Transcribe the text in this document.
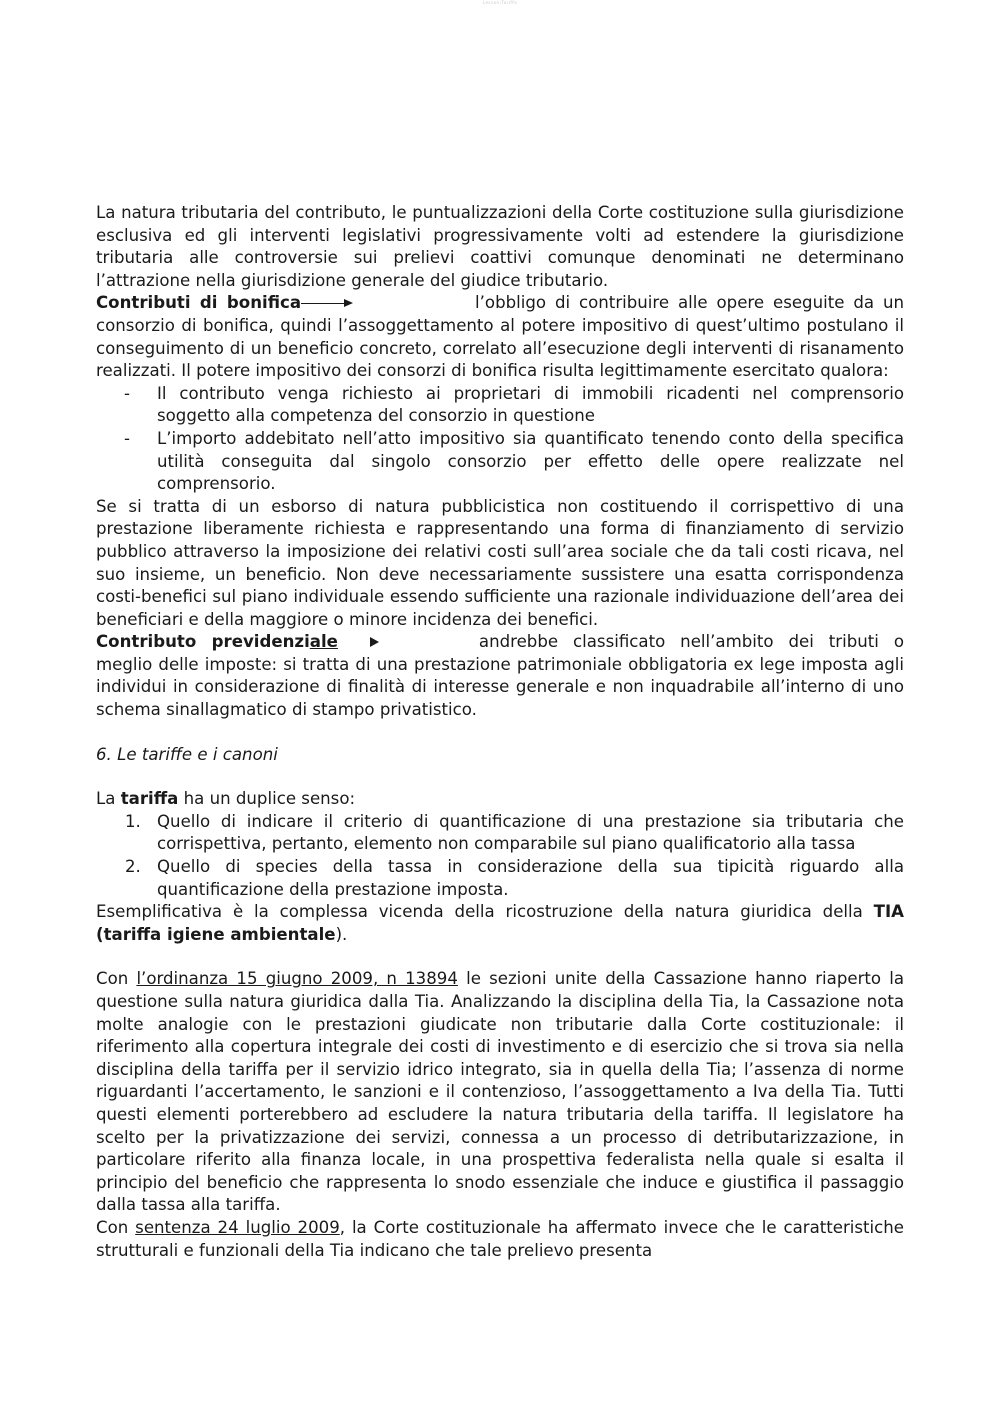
Lesson:Tariffe

La natura tributaria del contributo, le puntualizzazioni della Corte costituzione sulla giurisdizione esclusiva ed gli interventi legislativi progressivamente volti ad estendere la giurisdizione tributaria alle controversie sui prelievi coattivi comunque denominati ne determinano l’attrazione nella giurisdizione generale del giudice tributario.

Contributi di bonifica	l’obbligo di contribuire alle opere eseguite da un consorzio di bonifica, quindi l’assoggettamento al potere impositivo di quest’ultimo postulano il conseguimento di un beneficio concreto, correlato all’esecuzione degli interventi di risanamento realizzati. Il potere impositivo dei consorzi di bonifica risulta legittimamente esercitato qualora:

- Il contributo venga richiesto ai proprietari di immobili ricadenti nel comprensorio soggetto alla competenza del consorzio in questione
- L’importo addebitato nell’atto impositivo sia quantificato tenendo conto della specifica utilità conseguita dal singolo consorzio per effetto delle opere realizzate nel comprensorio.

Se si tratta di un esborso di natura pubblicistica non costituendo il corrispettivo di una prestazione liberamente richiesta e rappresentando una forma di finanziamento di servizio pubblico attraverso la imposizione dei relativi costi sull’area sociale che da tali costi ricava, nel suo insieme, un beneficio. Non deve necessariamente sussistere una esatta corrispondenza costi-benefici sul piano individuale essendo sufficiente una razionale individuazione dell’area dei beneficiari e della maggiore o minore incidenza dei benefici.

Contributo previdenziale	andrebbe classificato nell’ambito dei tributi o meglio delle imposte: si tratta di una prestazione patrimoniale obbligatoria ex lege imposta agli individui in considerazione di finalità di interesse generale e non inquadrabile all’interno di uno schema sinallagmatico di stampo privatistico.

6. Le tariffe e i canoni

La tariffa ha un duplice senso:

1. Quello di indicare il criterio di quantificazione di una prestazione sia tributaria che corrispettiva, pertanto, elemento non comparabile sul piano qualificatorio alla tassa
2. Quello di species della tassa in considerazione della sua tipicità riguardo alla quantificazione della prestazione imposta.

Esemplificativa è la complessa vicenda della ricostruzione della natura giuridica della TIA (tariffa igiene ambientale).

Con l’ordinanza 15 giugno 2009, n 13894 le sezioni unite della Cassazione hanno riaperto la questione sulla natura giuridica dalla Tia. Analizzando la disciplina della Tia, la Cassazione nota molte analogie con le prestazioni giudicate non tributarie dalla Corte costituzionale: il riferimento alla copertura integrale dei costi di investimento e di esercizio che si trova sia nella disciplina della tariffa per il servizio idrico integrato, sia in quella della Tia; l’assenza di norme riguardanti l’accertamento, le sanzioni e il contenzioso, l’assoggettamento a Iva della Tia. Tutti questi elementi porterebbero ad escludere la natura tributaria della tariffa. Il legislatore ha scelto per la privatizzazione dei servizi, connessa a un processo di detributarizzazione, in particolare riferito alla finanza locale, in una prospettiva federalista nella quale si esalta il principio del beneficio che rappresenta lo snodo essenziale che induce e giustifica il passaggio dalla tassa alla tariffa.

Con sentenza 24 luglio 2009, la Corte costituzionale ha affermato invece che le caratteristiche strutturali e funzionali della Tia indicano che tale prelievo presenta
